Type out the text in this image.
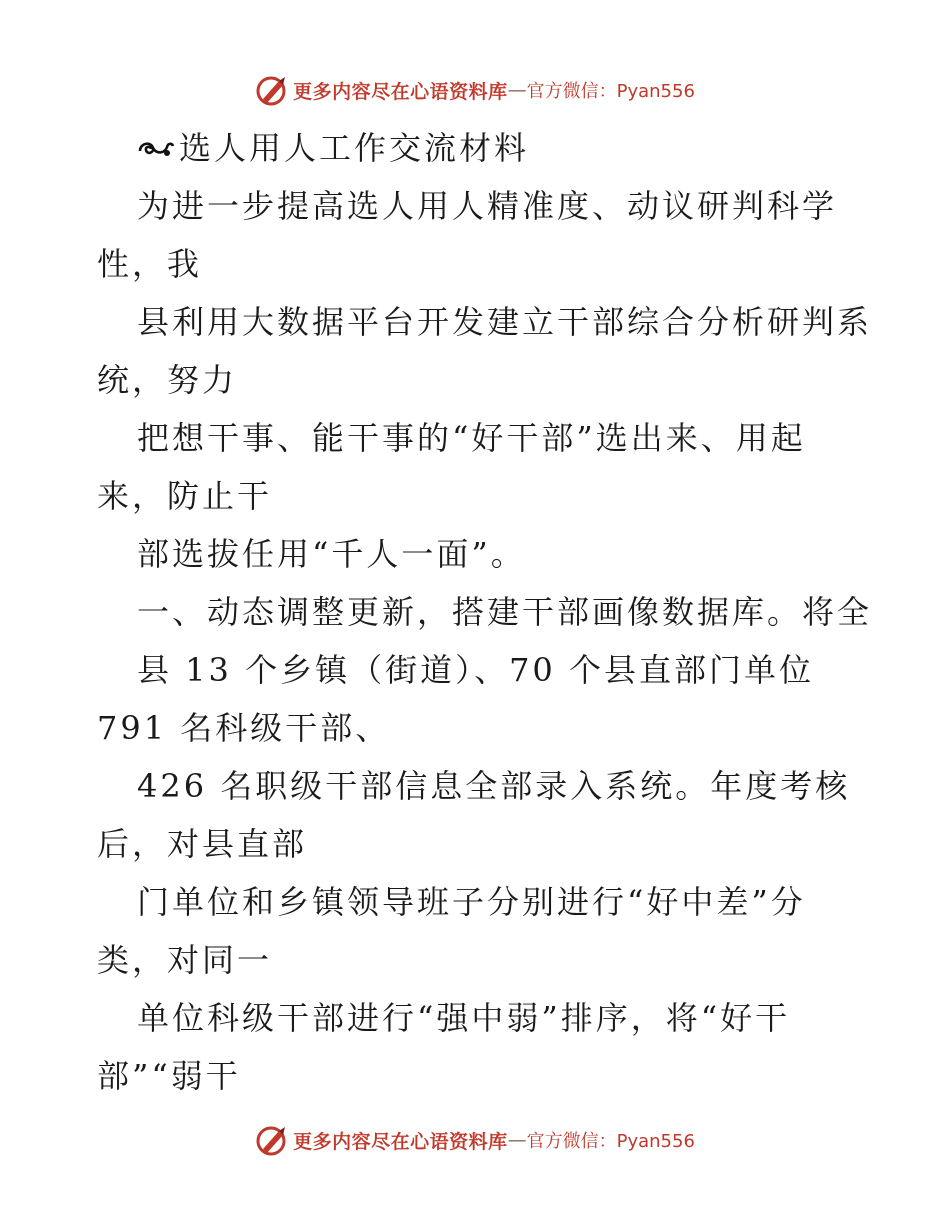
更多内容尽在心语资料库 — 官方微信：Pyan556
选人用人工作交流材料
为进一步提高选人用人精准度、动议研判科学
性，我
县利用大数据平台开发建立干部综合分析研判系
统，努力
把想干事、能干事的“好干部”选出来、用起
来，防止干
部选拔任用“千人一面”。
一、动态调整更新，搭建干部画像数据库。将全
县 13 个乡镇（街道）、70 个县直部门单位
791 名科级干部、
426 名职级干部信息全部录入系统。年度考核
后，对县直部
门单位和乡镇领导班子分别进行“好中差”分
类，对同一
单位科级干部进行“强中弱”排序，将“好干
部”“弱干
更多内容尽在心语资料库 — 官方微信：Pyan556
